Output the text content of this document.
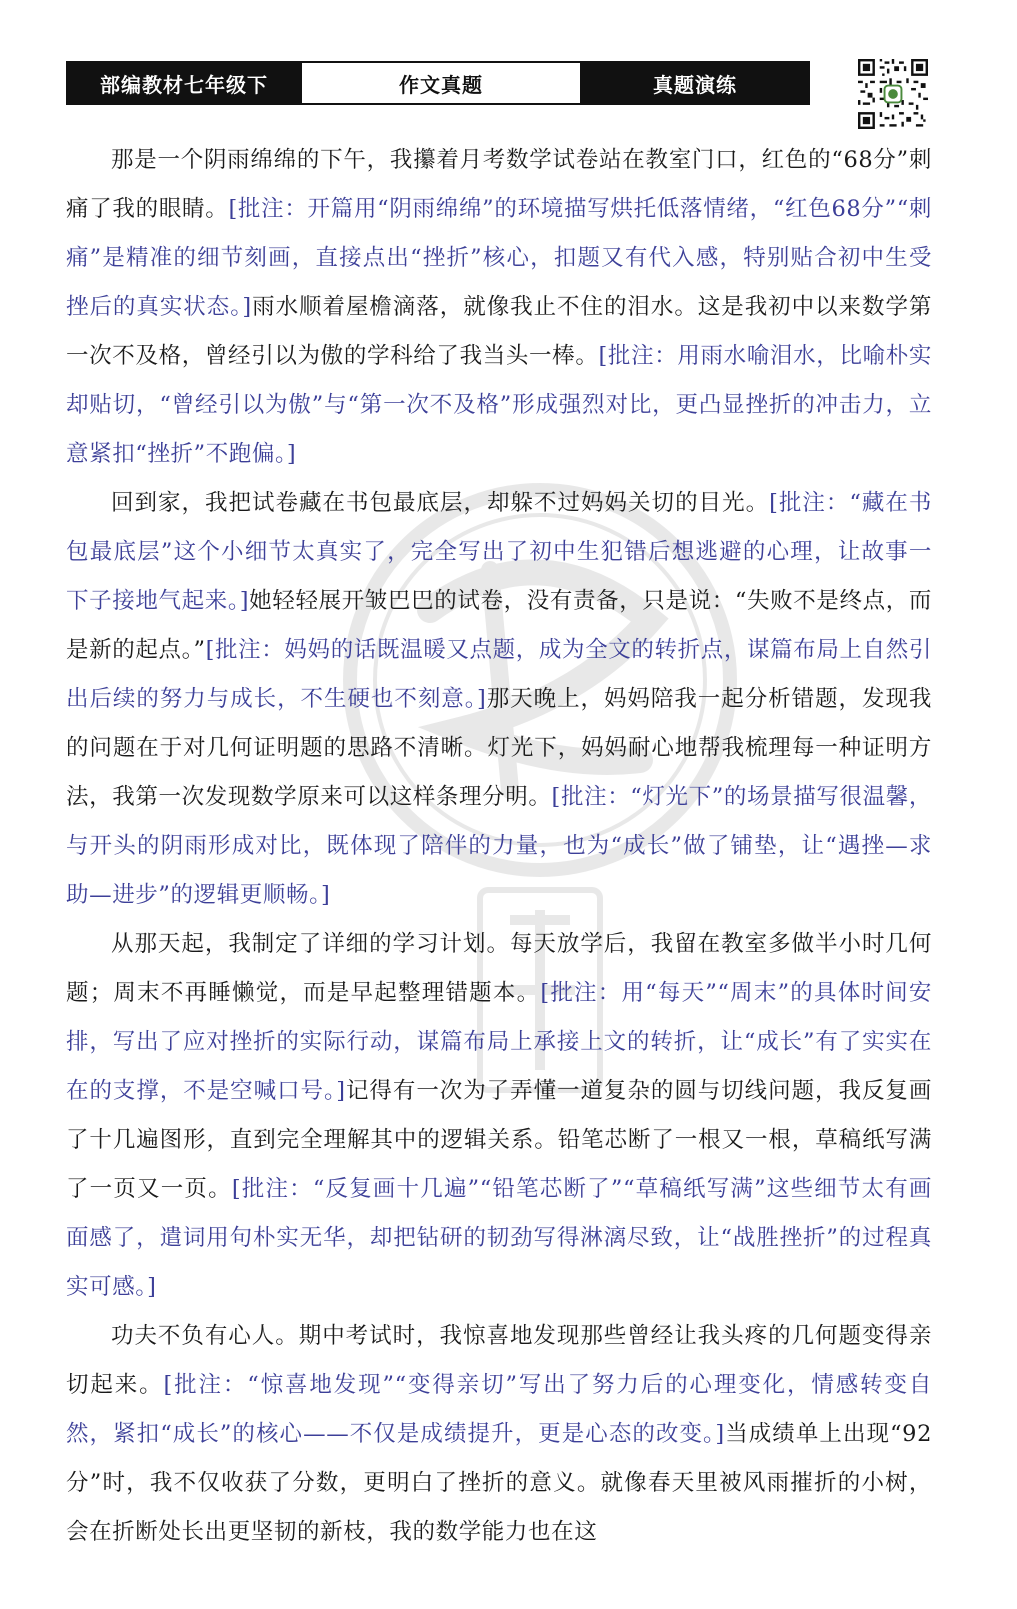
部编教材七年级下	作文真题	真题演练

那是一个阴雨绵绵的下午，我攥着月考数学试卷站在教室门口，红色的“68分”刺痛了我的眼睛。[批注：开篇用“阴雨绵绵”的环境描写烘托低落情绪，“红色68分”“刺痛”是精准的细节刻画，直接点出“挫折”核心，扣题又有代入感，特别贴合初中生受挫后的真实状态。]雨水顺着屋檐滴落，就像我止不住的泪水。这是我初中以来数学第一次不及格，曾经引以为傲的学科给了我当头一棒。[批注：用雨水喻泪水，比喻朴实却贴切，“曾经引以为傲”与“第一次不及格”形成强烈对比，更凸显挫折的冲击力，立意紧扣“挫折”不跑偏。]

回到家，我把试卷藏在书包最底层，却躲不过妈妈关切的目光。[批注：“藏在书包最底层”这个小细节太真实了，完全写出了初中生犯错后想逃避的心理，让故事一下子接地气起来。]她轻轻展开皱巴巴的试卷，没有责备，只是说：“失败不是终点，而是新的起点。”[批注：妈妈的话既温暖又点题，成为全文的转折点，谋篇布局上自然引出后续的努力与成长，不生硬也不刻意。]那天晚上，妈妈陪我一起分析错题，发现我的问题在于对几何证明题的思路不清晰。灯光下，妈妈耐心地帮我梳理每一种证明方法，我第一次发现数学原来可以这样条理分明。[批注：“灯光下”的场景描写很温馨，与开头的阴雨形成对比，既体现了陪伴的力量，也为“成长”做了铺垫，让“遇挫—求助—进步”的逻辑更顺畅。]

从那天起，我制定了详细的学习计划。每天放学后，我留在教室多做半小时几何题；周末不再睡懒觉，而是早起整理错题本。[批注：用“每天”“周末”的具体时间安排，写出了应对挫折的实际行动，谋篇布局上承接上文的转折，让“成长”有了实实在在的支撑，不是空喊口号。]记得有一次为了弄懂一道复杂的圆与切线问题，我反复画了十几遍图形，直到完全理解其中的逻辑关系。铅笔芯断了一根又一根，草稿纸写满了一页又一页。[批注：“反复画十几遍”“铅笔芯断了”“草稿纸写满”这些细节太有画面感了，遣词用句朴实无华，却把钻研的韧劲写得淋漓尽致，让“战胜挫折”的过程真实可感。]

功夫不负有心人。期中考试时，我惊喜地发现那些曾经让我头疼的几何题变得亲切起来。[批注：“惊喜地发现”“变得亲切”写出了努力后的心理变化，情感转变自然，紧扣“成长”的核心——不仅是成绩提升，更是心态的改变。]当成绩单上出现“92分”时，我不仅收获了分数，更明白了挫折的意义。就像春天里被风雨摧折的小树，会在折断处长出更坚韧的新枝，我的数学能力也在这
